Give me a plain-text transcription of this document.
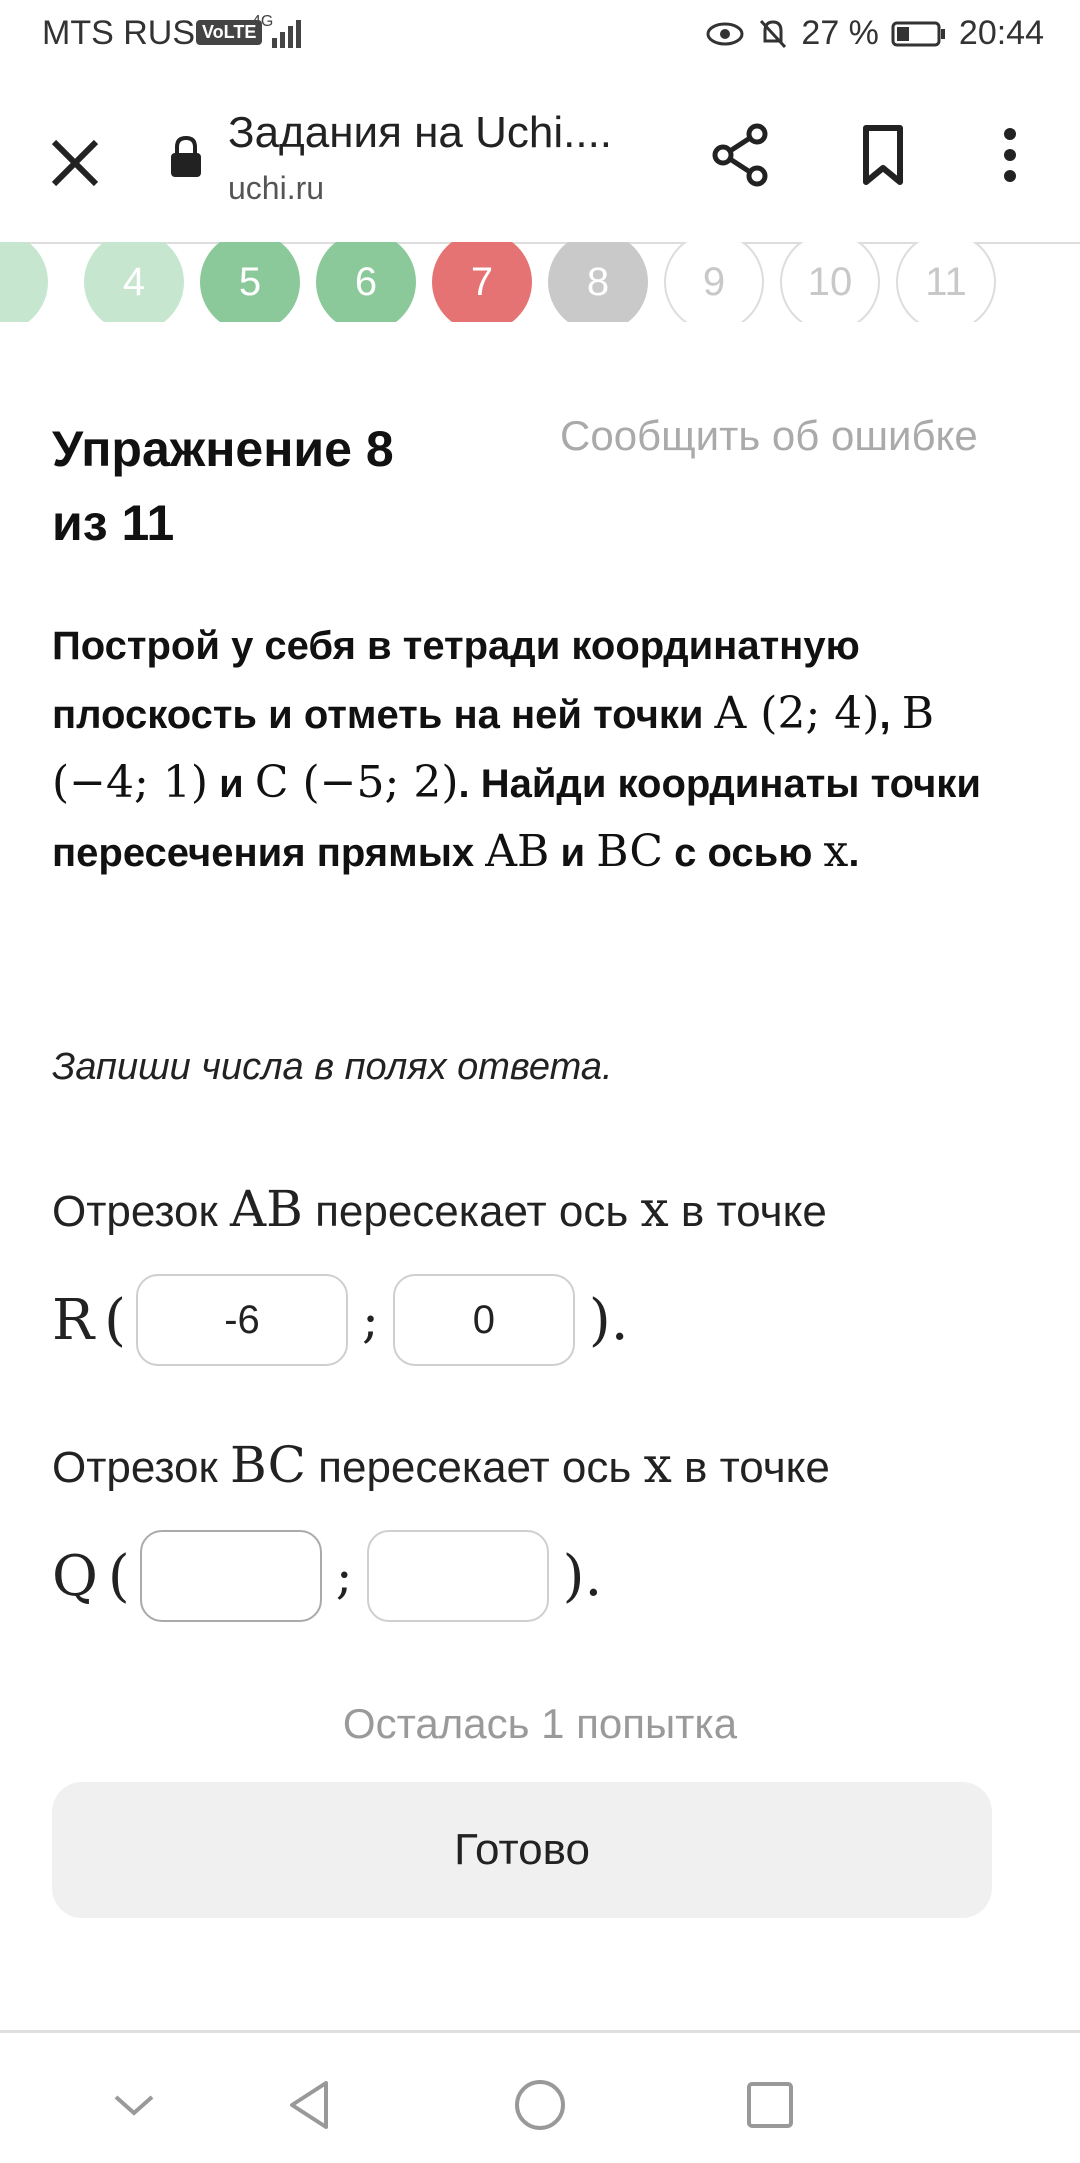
MTS RUS VoLTE
4G	27 % 20:44
Задания на Uchi....
uchi.ru
4 5 6 7 8 9 10 11
Упражнение 8
из 11
Сообщить об ошибке
Построй у себя в тетради координатную плоскость и отметь на ней точки A (2; 4), B (−4; 1) и C (−5; 2). Найди координаты точки пересечения прямых AB и BC с осью x.
Запиши числа в полях ответа.
Отрезок AB пересекает ось x в точке
R (
-6	;
0	).
Отрезок BC пересекает ось x в точке
Q (	;	).
Осталась 1 попытка
Готово
